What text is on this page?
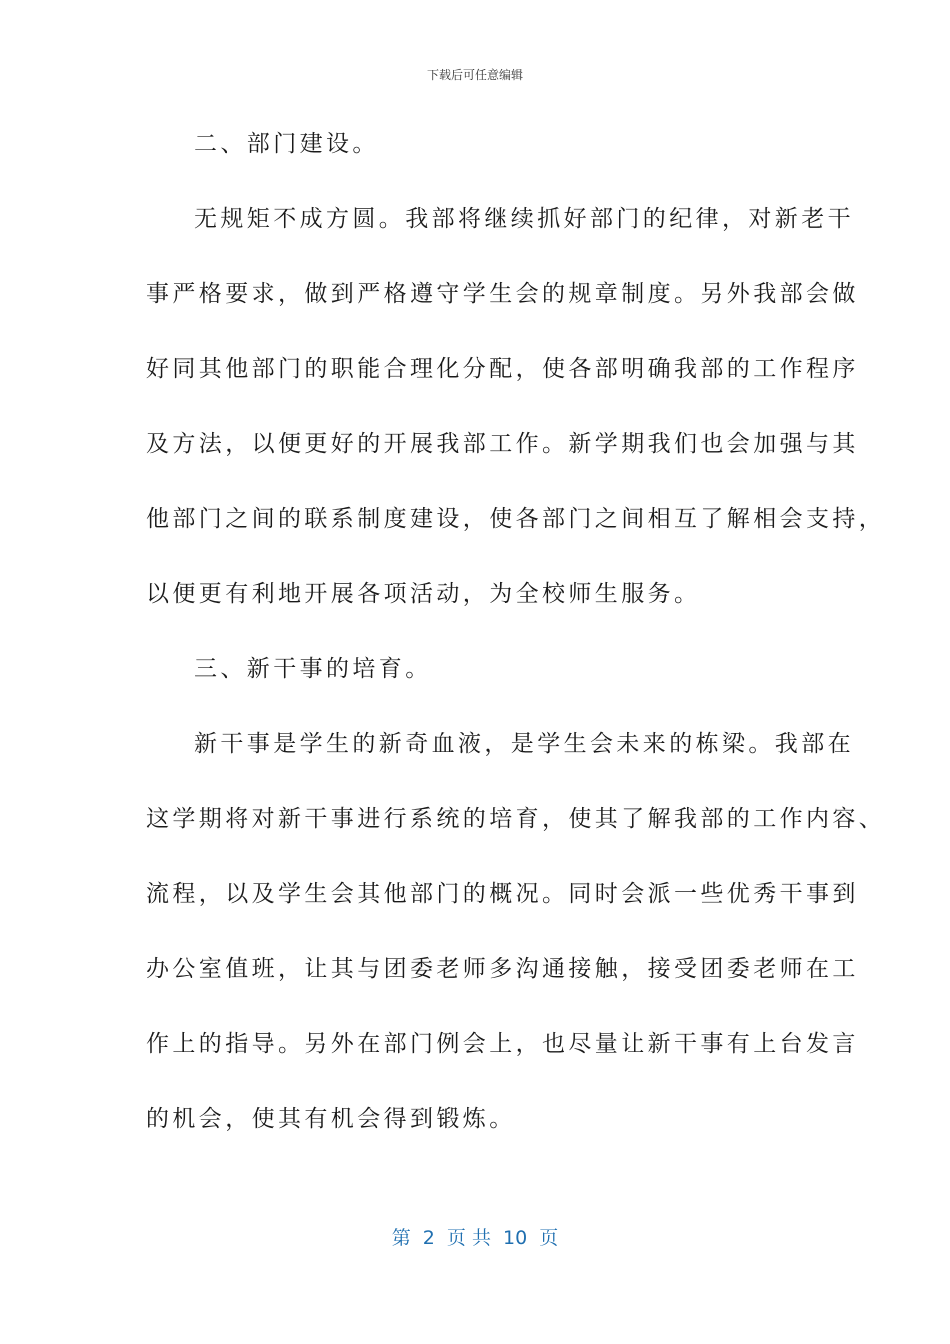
下载后可任意编辑
二、部门建设。
无规矩不成方圆。我部将继续抓好部门的纪律，对新老干
事严格要求，做到严格遵守学生会的规章制度。另外我部会做
好同其他部门的职能合理化分配，使各部明确我部的工作程序
及方法，以便更好的开展我部工作。新学期我们也会加强与其
他部门之间的联系制度建设，使各部门之间相互了解相会支持，
以便更有利地开展各项活动，为全校师生服务。
三、新干事的培育。
新干事是学生的新奇血液，是学生会未来的栋梁。我部在
这学期将对新干事进行系统的培育，使其了解我部的工作内容、
流程，以及学生会其他部门的概况。同时会派一些优秀干事到
办公室值班，让其与团委老师多沟通接触，接受团委老师在工
作上的指导。另外在部门例会上，也尽量让新干事有上台发言
的机会，使其有机会得到锻炼。
第  2  页 共  10  页
